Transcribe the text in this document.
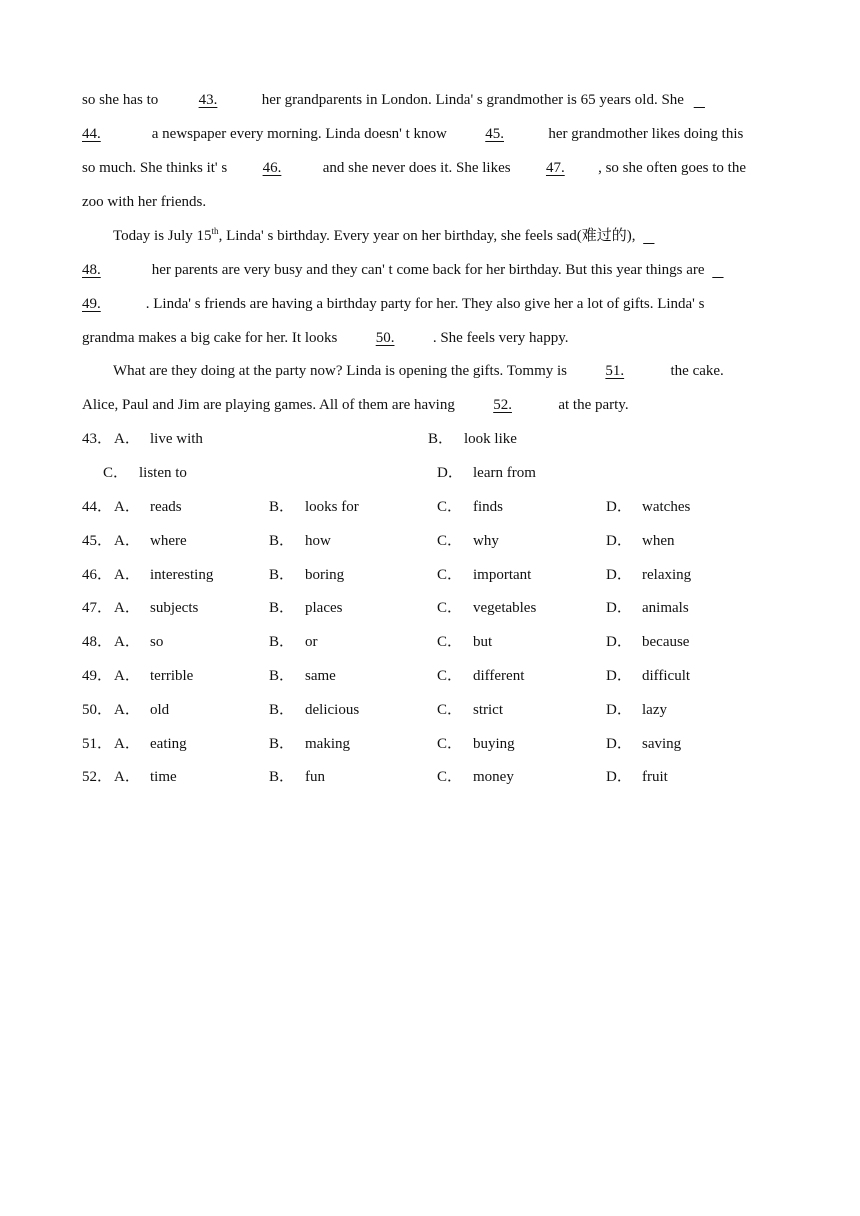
so she has to	43.	her grandparents in London. Linda' s grandmother is 65 years old. She
44.	a newspaper every morning. Linda doesn' t know	45.	her grandmother likes doing this
so much. She thinks it' s 46.	and she never does it. She likes 47. , so she often goes to the
zoo with her friends.
Today is July 15th, Linda' s birthday. Every year on her birthday, she feels sad(难过的),
48.	her parents are very busy and they can' t come back for her birthday. But this year things are
49.	. Linda' s friends are having a birthday party for her. They also give her a lot of gifts. Linda' s
grandma makes a big cake for her. It looks	50.	. She feels very happy.
What are they doing at the party now? Linda is opening the gifts. Tommy is	51.	the cake.
Alice, Paul and Jim are playing games. All of them are having	52.	at the party.
43． A． live with	B． look like
C． listen to	D． learn from
44． A． reads	B． looks for	C． finds	D． watches
45． A． where	B． how	C． why	D． when
46． A． interesting	B． boring	C． important	D． relaxing
47． A． subjects	B． places	C． vegetables	D． animals
48． A． so	B． or	C． but	D． because
49． A． terrible	B． same	C． different	D． difficult
50． A． old	B． delicious	C． strict	D． lazy
51． A． eating	B． making	C． buying	D． saving
52． A． time	B． fun	C． money	D． fruit
